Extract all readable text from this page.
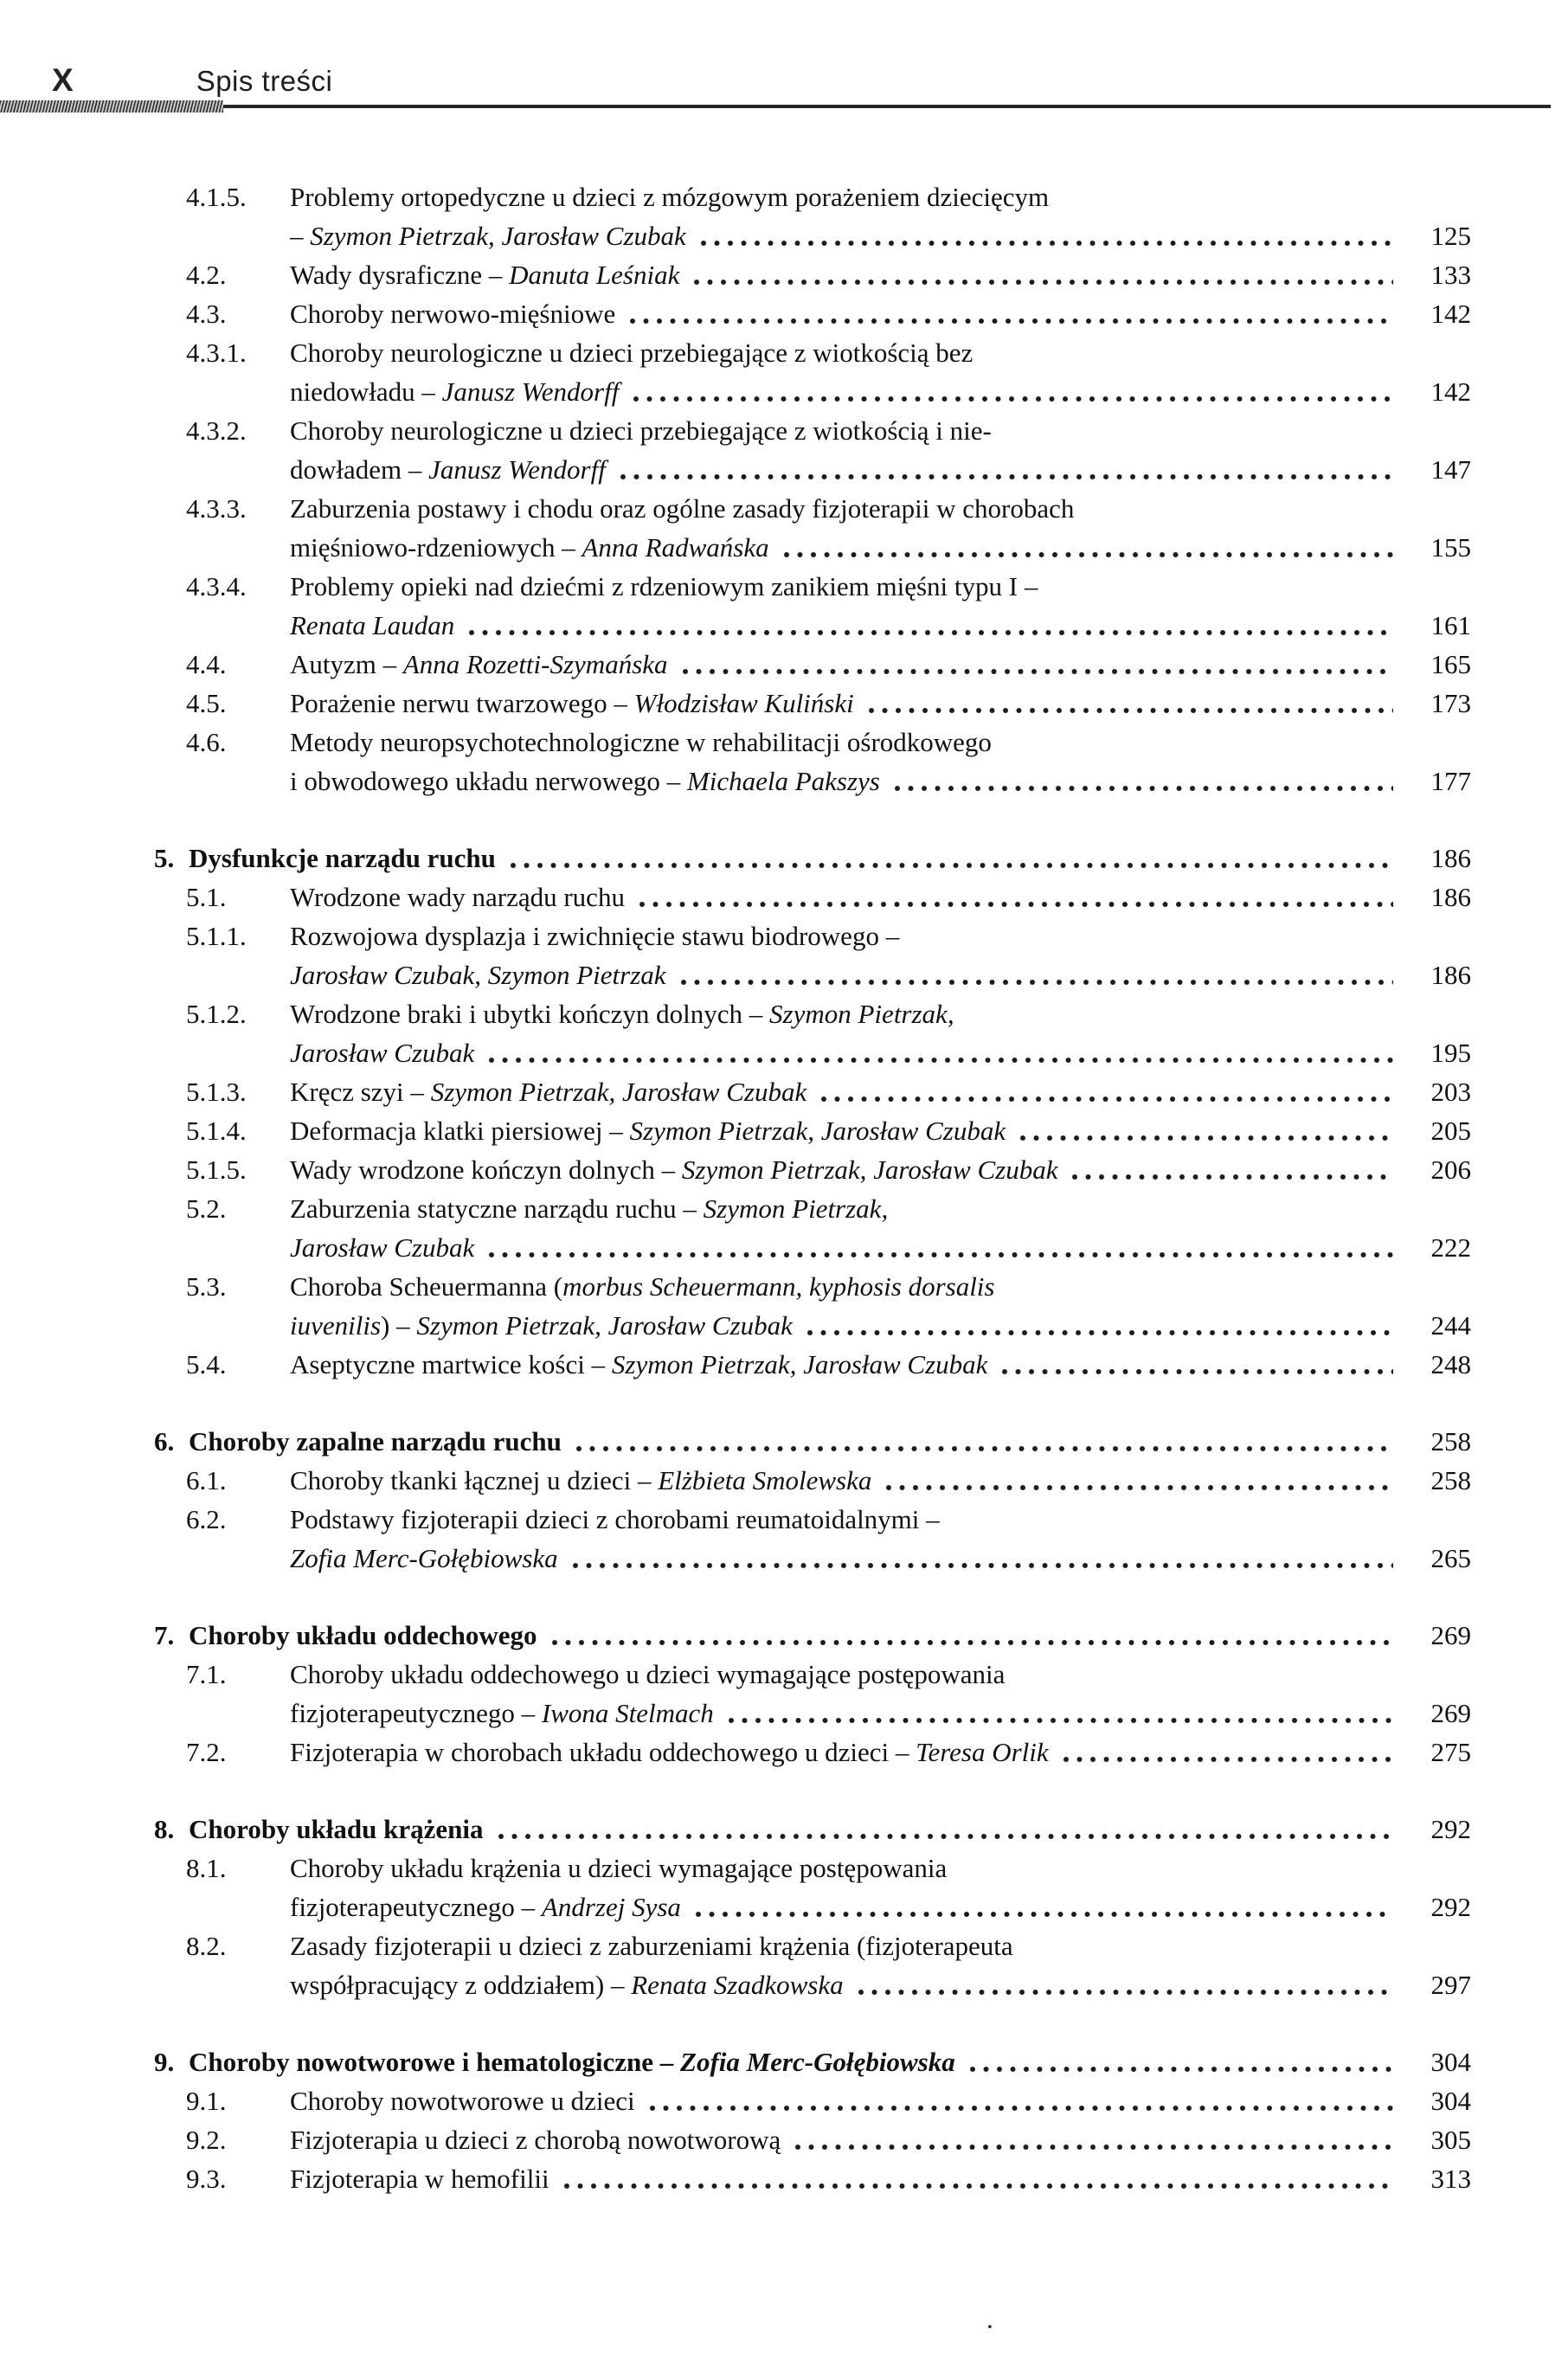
X	Spis treści
4.1.5.	Problemy ortopedyczne u dzieci z mózgowym porażeniem dziecięcym
– Szymon Pietrzak, Jarosław Czubak	125
4.2.	Wady dysraficzne – Danuta Leśniak	133
4.3.	Choroby nerwowo-mięśniowe	142
4.3.1.	Choroby neurologiczne u dzieci przebiegające z wiotkością bez
niedowładu – Janusz Wendorff	142
4.3.2.	Choroby neurologiczne u dzieci przebiegające z wiotkością i nie-
dowładem – Janusz Wendorff	147
4.3.3.	Zaburzenia postawy i chodu oraz ogólne zasady fizjoterapii w chorobach
mięśniowo-rdzeniowych – Anna Radwańska	155
4.3.4.	Problemy opieki nad dziećmi z rdzeniowym zanikiem mięśni typu I –
Renata Laudan	161
4.4.	Autyzm – Anna Rozetti-Szymańska	165
4.5.	Porażenie nerwu twarzowego – Włodzisław Kuliński	173
4.6.	Metody neuropsychotechnologiczne w rehabilitacji ośrodkowego
i obwodowego układu nerwowego – Michaela Pakszys	177
5. Dysfunkcje narządu ruchu	186
5.1.	Wrodzone wady narządu ruchu	186
5.1.1.	Rozwojowa dysplazja i zwichnięcie stawu biodrowego –
Jarosław Czubak, Szymon Pietrzak	186
5.1.2.	Wrodzone braki i ubytki kończyn dolnych – Szymon Pietrzak,
Jarosław Czubak	195
5.1.3.	Kręcz szyi – Szymon Pietrzak, Jarosław Czubak	203
5.1.4.	Deformacja klatki piersiowej – Szymon Pietrzak, Jarosław Czubak	205
5.1.5.	Wady wrodzone kończyn dolnych – Szymon Pietrzak, Jarosław Czubak	206
5.2.	Zaburzenia statyczne narządu ruchu – Szymon Pietrzak,
Jarosław Czubak	222
5.3.	Choroba Scheuermanna (morbus Scheuermann, kyphosis dorsalis
iuvenilis) – Szymon Pietrzak, Jarosław Czubak	244
5.4.	Aseptyczne martwice kości – Szymon Pietrzak, Jarosław Czubak	248
6. Choroby zapalne narządu ruchu	258
6.1.	Choroby tkanki łącznej u dzieci – Elżbieta Smolewska	258
6.2.	Podstawy fizjoterapii dzieci z chorobami reumatoidalnymi –
Zofia Merc-Gołębiowska	265
7. Choroby układu oddechowego	269
7.1.	Choroby układu oddechowego u dzieci wymagające postępowania
fizjoterapeutycznego – Iwona Stelmach	269
7.2.	Fizjoterapia w chorobach układu oddechowego u dzieci – Teresa Orlik	275
8. Choroby układu krążenia	292
8.1.	Choroby układu krążenia u dzieci wymagające postępowania
fizjoterapeutycznego – Andrzej Sysa	292
8.2.	Zasady fizjoterapii u dzieci z zaburzeniami krążenia (fizjoterapeuta
współpracujący z oddziałem) – Renata Szadkowska	297
9. Choroby nowotworowe i hematologiczne – Zofia Merc-Gołębiowska	304
9.1.	Choroby nowotworowe u dzieci	304
9.2.	Fizjoterapia u dzieci z chorobą nowotworową	305
9.3.	Fizjoterapia w hemofilii	313
.
